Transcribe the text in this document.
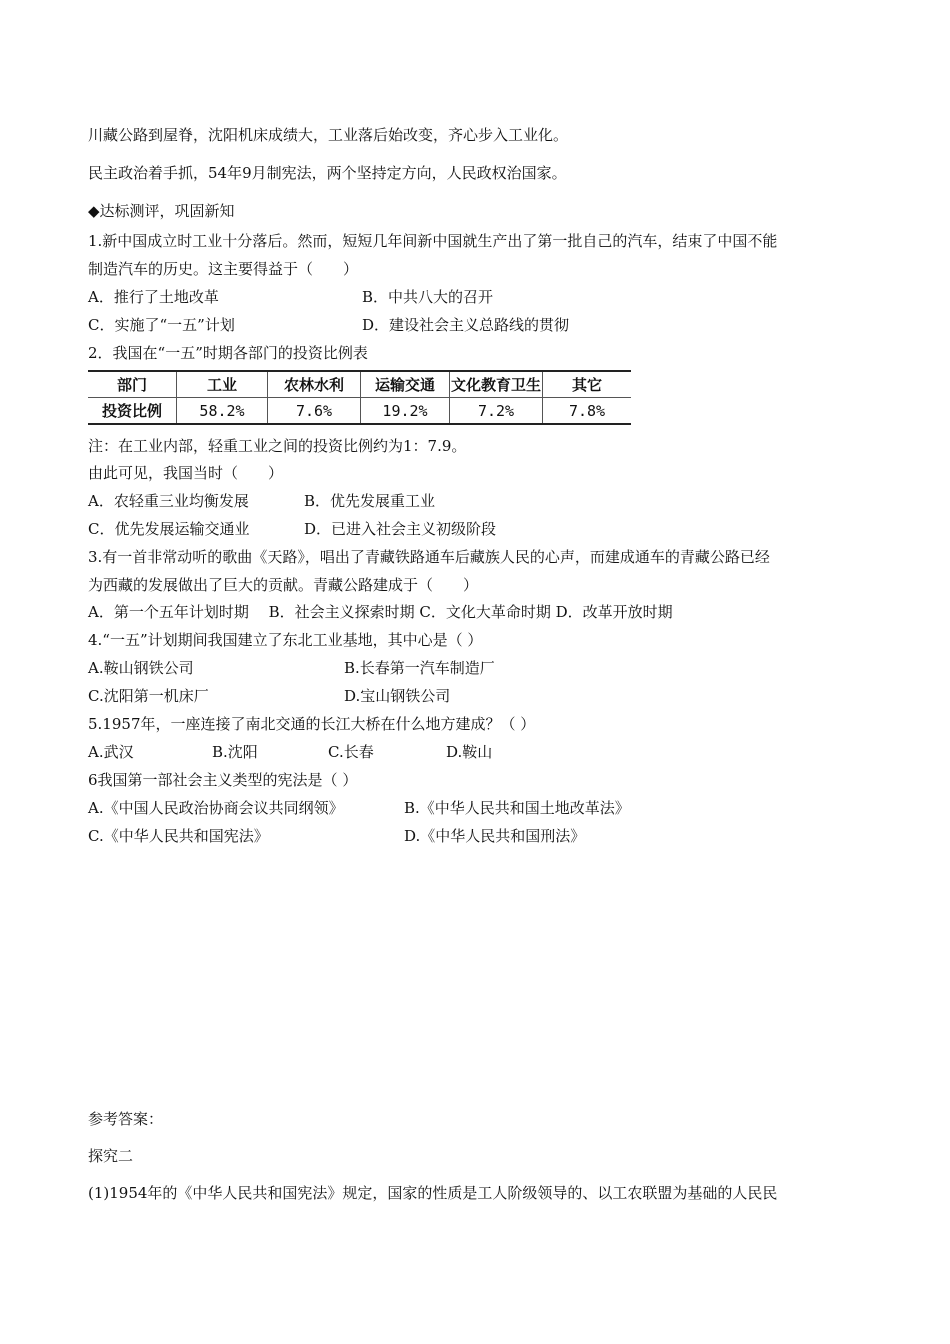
川藏公路到屋脊，沈阳机床成绩大，工业落后始改变，齐心步入工业化。
民主政治着手抓，54年9月制宪法，两个坚持定方向，人民政权治国家。
◆达标测评，巩固新知
1.新中国成立时工业十分落后。然而，短短几年间新中国就生产出了第一批自己的汽车，结束了中国不能
制造汽车的历史。这主要得益于（　　）
A．推行了土地改革	B．中共八大的召开
C．实施了“一五”计划	D．建设社会主义总路线的贯彻
2．我国在“一五”时期各部门的投资比例表
部门	工业	农林水利	运输交通	文化教育卫生	其它
投资比例	58.2%	7.6%	19.2%	7.2%	7.8%
注：在工业内部，轻重工业之间的投资比例约为1：7.9。
由此可见，我国当时（　　）
A．农轻重三业均衡发展	B．优先发展重工业
C．优先发展运输交通业	D．已进入社会主义初级阶段
3.有一首非常动听的歌曲《天路》，唱出了青藏铁路通车后藏族人民的心声，而建成通车的青藏公路已经
为西藏的发展做出了巨大的贡献。青藏公路建成于（　　）
A．第一个五年计划时期　 B．社会主义探索时期 C．文化大革命时期 D．改革开放时期
4.“一五”计划期间我国建立了东北工业基地，其中心是（ ）
A.鞍山钢铁公司	B.长春第一汽车制造厂
C.沈阳第一机床厂	D.宝山钢铁公司
5.1957年，一座连接了南北交通的长江大桥在什么地方建成？（ ）
A.武汉	B.沈阳	C.长春	D.鞍山
6我国第一部社会主义类型的宪法是（ ）
A.《中国人民政治协商会议共同纲领》	B.《中华人民共和国土地改革法》
C.《中华人民共和国宪法》	D.《中华人民共和国刑法》
参考答案：
探究二
(1)1954年的《中华人民共和国宪法》规定，国家的性质是工人阶级领导的、以工农联盟为基础的人民民
